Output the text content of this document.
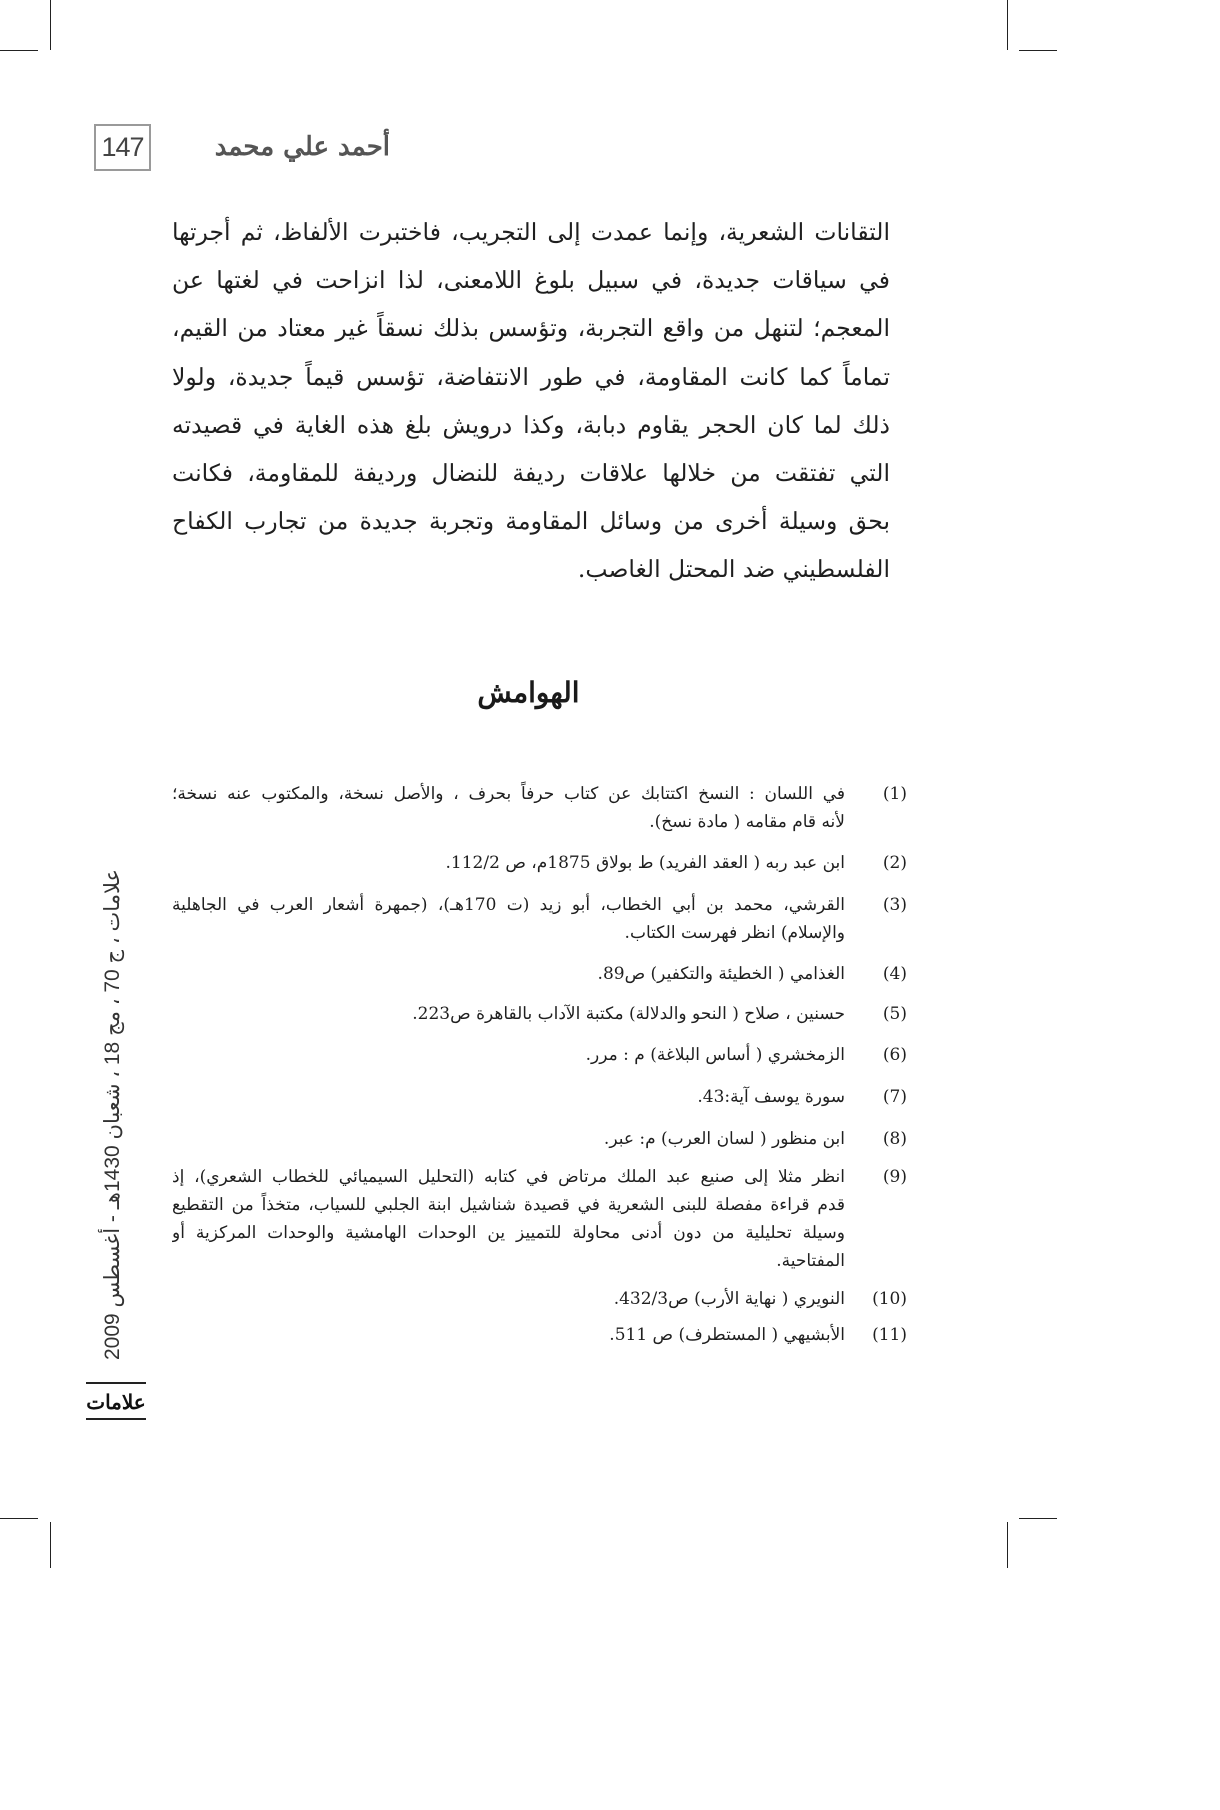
147	أحمد علي محمد
التقانات الشعرية، وإنما عمدت إلى التجريب، فاختبرت الألفاظ، ثم أجرتها
في سياقات جديدة، في سبيل بلوغ اللامعنى، لذا انزاحت في لغتها عن
المعجم؛ لتنهل من واقع التجربة، وتؤسس بذلك نسقاً غير معتاد من القيم،
تماماً كما كانت المقاومة، في طور الانتفاضة، تؤسس قيماً جديدة، ولولا
ذلك لما كان الحجر يقاوم دبابة، وكذا درويش بلغ هذه الغاية في قصيدته
التي تفتقت من خلالها علاقات رديفة للنضال ورديفة للمقاومة، فكانت
بحق وسيلة أخرى من وسائل المقاومة وتجربة جديدة من تجارب الكفاح
الفلسطيني ضد المحتل الغاصب.
الهوامش
(1)
في اللسان : النسخ اكتتابك عن كتاب حرفاً بحرف ، والأصل نسخة، والمكتوب عنه نسخة؛
لأنه قام مقامه ( مادة نسخ).
(2)
ابن عبد ربه ( العقد الفريد) ط بولاق 1875م، ص 112/2.
(3)
القرشي، محمد بن أبي الخطاب، أبو زيد (ت 170هـ)، (جمهرة أشعار العرب في الجاهلية
والإسلام) انظر فهرست الكتاب.
(4)
الغذامي ( الخطيئة والتكفير) ص89.
(5)
حسنين ، صلاح ( النحو والدلالة) مكتبة الآداب بالقاهرة ص223.
(6)
الزمخشري ( أساس البلاغة) م : مرر.
(7)
سورة يوسف آية:43.
(8)
ابن منظور ( لسان العرب) م: عبر.
(9)
انظر مثلا إلى صنيع عبد الملك مرتاض في كتابه (التحليل السيميائي للخطاب الشعري)، إذ
قدم قراءة مفصلة للبنى الشعرية في قصيدة شناشيل ابنة الجلبي للسياب، متخذاً من التقطيع
وسيلة تحليلية من دون أدنى محاولة للتمييز ين الوحدات الهامشية والوحدات المركزية أو
المفتاحية.
(10)
النويري ( نهاية الأرب) ص432/3.
(11)
الأبشيهي ( المستطرف) ص 511.
علامات ، ج 70 ، مج 18 ، شعبان 1430هـ - أغسطس 2009
علامات
